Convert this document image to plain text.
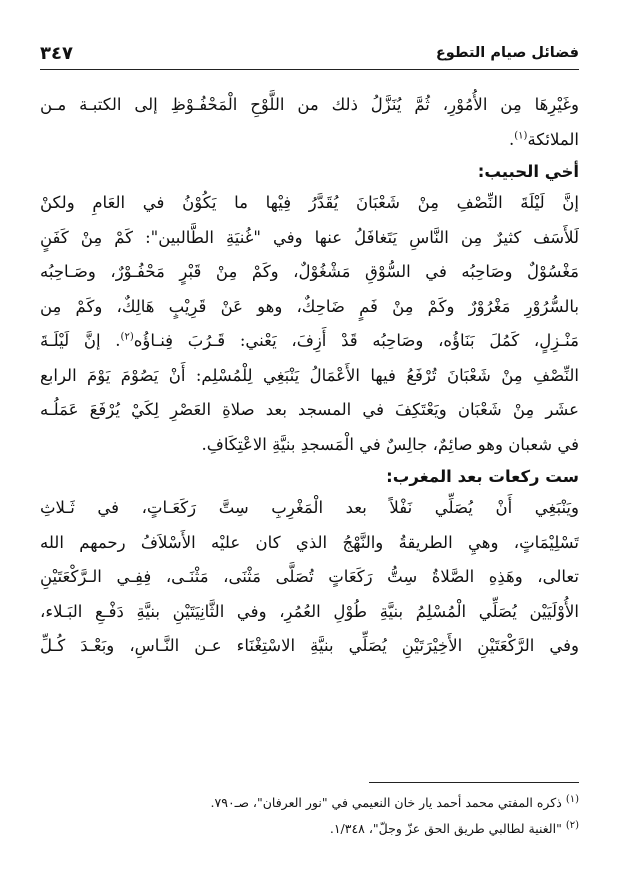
فضائل صيام التطوع
٣٤٧

وغَيْرِهَا مِن الأُمُوْرِ، ثُمَّ يُنَزَّلُ ذلك من اللَّوْحِ الْمَحْفُـوْظِ إلى الكتبـة مـن

الملائكة$^{(١)}$.

أخي الحبيب:

إنَّ لَيْلَةَ النِّصْفِ مِنْ شَعْبَانَ يُقَدَّرُ فِيْها ما يَكُوْنُ في العَامِ ولكنْ

لَلأَسَف كثيرٌ مِن النَّاسِ يَتَغافَلُ عنها وفي "غُنيَةِ الطَّالبين": كَمْ مِنْ كَفَنٍ

مَغْسُوْلٌ وصَاحِبُه في السُّوْقِ مَشْغُوْلٌ، وكَمْ مِنْ قَبْرٍ مَحْفُـوْرٌ، وصَـاحِبُه

بالسُّرُوْرِ مَغْرُوْرٌ وكَمْ مِنْ فَمٍ ضَاحِكٌ، وهو عَنْ قَرِيْبٍ هَالِكٌ، وكَمْ مِن

مَنْـزِلٍ، كَمُلَ بَنَاؤُه، وصَاحِبُه قَدْ أَزِفَ، يَعْني: قَـرُبَ فِنـاؤُه$^{(٢)}$. إنَّ لَيْلَـةَ

النِّصْفِ مِنْ شَعْبَانَ تُرْفَعُ فيها الأَعْمَالُ يَنْبَغِي لِلْمُسْلِم: أَنْ يَصُوْمَ يَوْمَ الرابع

عشَر مِنْ شَعْبَان ويَعْتَكِفَ في المسجد بعد صلاةِ العَصْرِ لِكَيْ يُرْفَعَ عَمَلُـه

في شعبان وهو صائِمٌ، جالِسٌ في الْمَسجدِ بنيَّةِ الاعْتِكَافِ.

ست ركعات بعد المغرب:

ويَنْبَغِي أَنْ يُصَلِّي نَفْلاً بعد الْمَغْرِبِ سِتَّ رَكَعَـاتٍ، في ثَـلاثِ

تَسْلِيْمَاتٍ، وهيِ الطريقةُ والنَّهْجُ الذي كان عليْه الأَسْلاَفُ رحمهم الله

تعالى، وهَذِهِ الصَّلاةُ سِتُّ رَكَعَاتٍ تُصَلَّى مَثْنَى، مَثْنَـى، فِفِـي الـرَّكْعَتَيْنِ

الأُوْلَيَيْن يُصَلِّي الْمُسْلِمُ بنيَّةِ طُوْلِ العُمُرِ، وفي الثَّانِيَتَيْنِ بنيَّةِ دَفْـعِ البَـلاء،

وفي الرَّكْعَتَيْنِ الأَخِيْرَتَيْنِ يُصَلِّي بنيَّةِ الاسْتِغْنَاء عـن النَّـاسِ، وبَعْـدَ كُـلِّ

$^{(١)}$ ذكره المفتي محمد أحمد يار خان النعيمي في "نور العرفان"، صـ٧٩٠.
$^{(٢)}$ "الغنية لطالبي طريق الحق عزّ وجلّ"، ١/٣٤٨.
